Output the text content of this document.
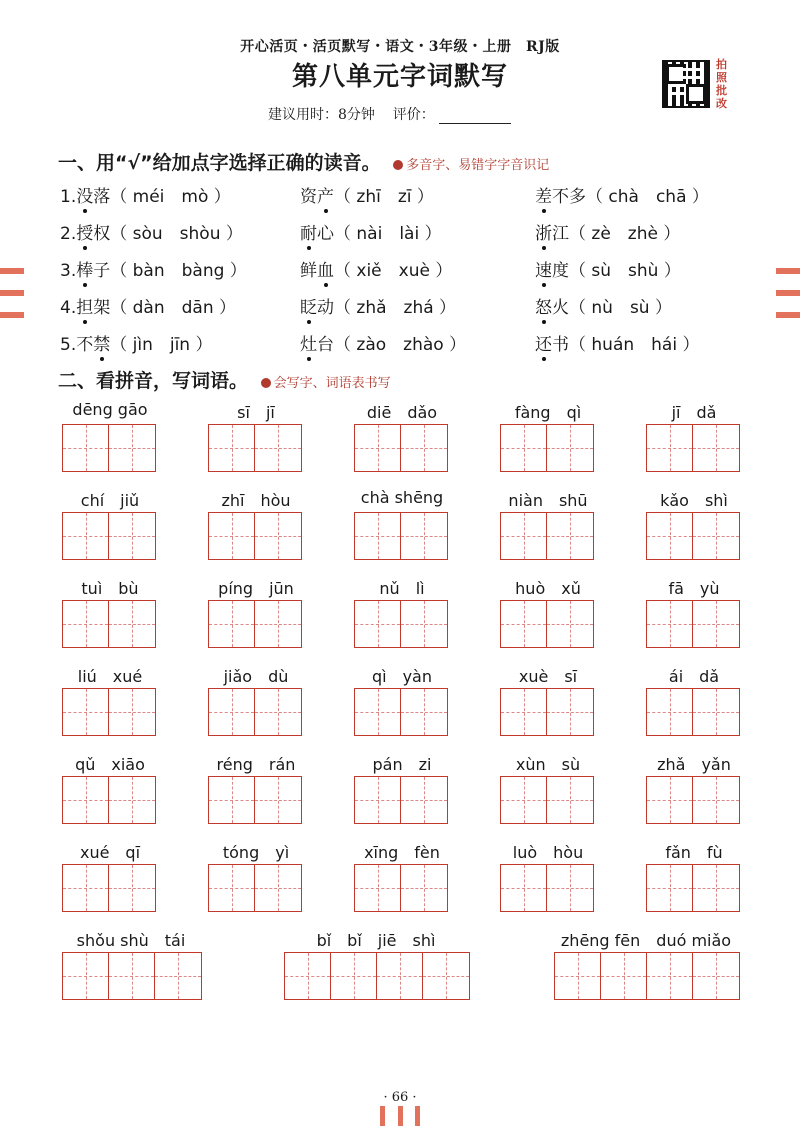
开心活页・活页默写・语文・3年级・上册　RJ版
第八单元字词默写
建议用时：8分钟 评价：
拍照批改
一、用“√”给加点字选择正确的读音。 多音字、易错字字音识记
1.没落（ méi　mò ）	资产（ zhī　zī ）	差不多（ chà　chā ）
2.授权（ sòu　shòu ）	耐心（ nài　lài ）	浙江（ zè　zhè ）
3.棒子（ bàn　bàng ）	鲜血（ xiě　xuè ）	速度（ sù　shù ）
4.担架（ dàn　dān ）	眨动（ zhǎ　zhá ）	怒火（ nù　sù ）
5.不禁（ jìn　jīn ）	灶台（ zào　zhào ）	还书（ huán　hái ）
二、看拼音，写词语。 会写字、词语表书写
dēng gāo	sī　jī	diē　dǎo	fàng　qì	jī　dǎ
chí　jiǔ	zhī　hòu	chà shēng	niàn　shū	kǎo　shì
tuì　bù	píng　jūn	nǔ　lì	huò　xǔ	fā　yù
liú　xué	jiǎo　dù	qì　yàn	xuè　sī	ái　dǎ
qǔ　xiāo	réng　rán	pán　zi	xùn　sù	zhǎ　yǎn
xué　qī	tóng　yì	xīng　fèn	luò　hòu	fǎn　fù
shǒu shù　tái	bǐ　bǐ　jiē　shì	zhēng fēn　duó miǎo
· 66 ·
